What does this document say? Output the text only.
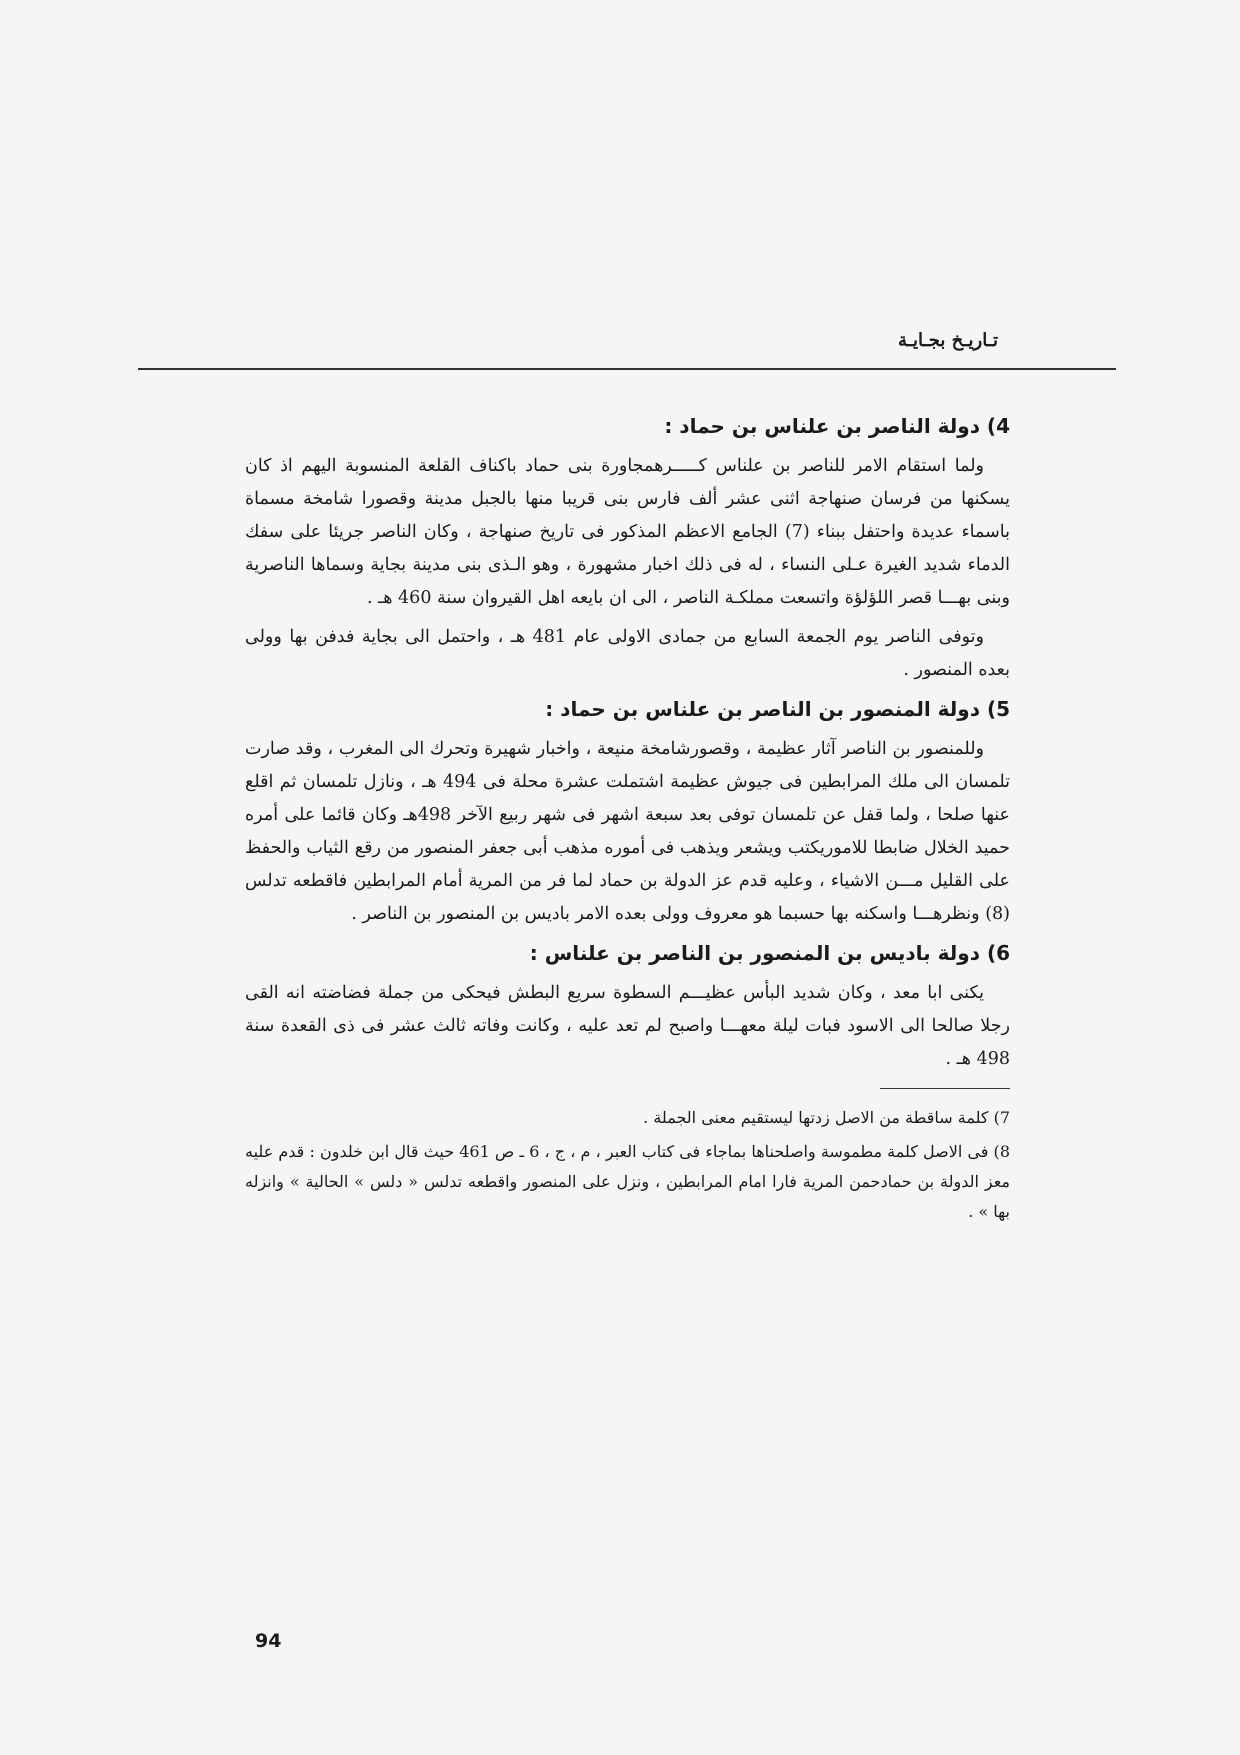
تـاريـخ بجـايـة
4) دولة الناصر بن علناس بن حماد :

ولما استقام الامر للناصر بن علناس كـــــرهمجاورة بنى حماد باكناف القلعة المنسوبة اليهم اذ كان يسكنها من فرسان صنهاجة اثنى عشر ألف فارس بنى قريبا منها بالجبل مدينة وقصورا شامخة مسماة باسماء عديدة واحتفل ببناء (7) الجامع الاعظم المذكور فى تاريخ صنهاجة ، وكان الناصر جريئا على سفك الدماء شديد الغيرة عـلى النساء ، له فى ذلك اخبار مشهورة ، وهو الـذى بنى مدينة بجاية وسماها الناصرية وبنى بهـــا قصر اللؤلؤة واتسعت مملكـة الناصر ، الى ان بايعه اهل القيروان سنة 460 هـ .

وتوفى الناصر يوم الجمعة السابع من جمادى الاولى عام 481 هـ ، واحتمل الى بجاية فدفن بها وولى بعده المنصور .

5) دولة المنصور بن الناصر بن علناس بن حماد :

وللمنصور بن الناصر آثار عظيمة ، وقصورشامخة منيعة ، واخبار شهيرة وتحرك الى المغرب ، وقد صارت تلمسان الى ملك المرابطين فى جيوش عظيمة اشتملت عشرة محلة فى 494 هـ ، ونازل تلمسان ثم اقلع عنها صلحا ، ولما قفل عن تلمسان توفى بعد سبعة اشهر فى شهر ربيع الآخر 498هـ وكان قائما على أمره حميد الخلال ضابطا للاموريكتب ويشعر ويذهب فى أموره مذهب أبى جعفر المنصور من رقع الثياب والحفظ على القليل مـــن الاشياء ، وعليه قدم عز الدولة بن حماد لما فر من المرية أمام المرابطين فاقطعه تدلس (8) ونظرهـــا واسكنه بها حسبما هو معروف وولى بعده الامر باديس بن المنصور بن الناصر .

6) دولة باديس بن المنصور بن الناصر بن علناس :

يكنى ابا معد ، وكان شديد البأس عظيـــم السطوة سريع البطش فيحكى من جملة فضاضته انه القى رجلا صالحا الى الاسود فبات ليلة معهـــا واصبح لم تعد عليه ، وكانت وفاته ثالث عشر فى ذى القعدة سنة 498 هـ .

7) كلمة ساقطة من الاصل زدتها ليستقيم معنى الجملة .

8) فى الاصل كلمة مطموسة واصلحناها بماجاء فى كتاب العبر ، م ، ج ، 6 ـ ص 461 حيث قال ابن خلدون : قدم عليه معز الدولة بن حمادحمن المرية فارا امام المرابطين ، ونزل على المنصور واقطعه تدلس « دلس » الحالية » وانزله بها » .

94
